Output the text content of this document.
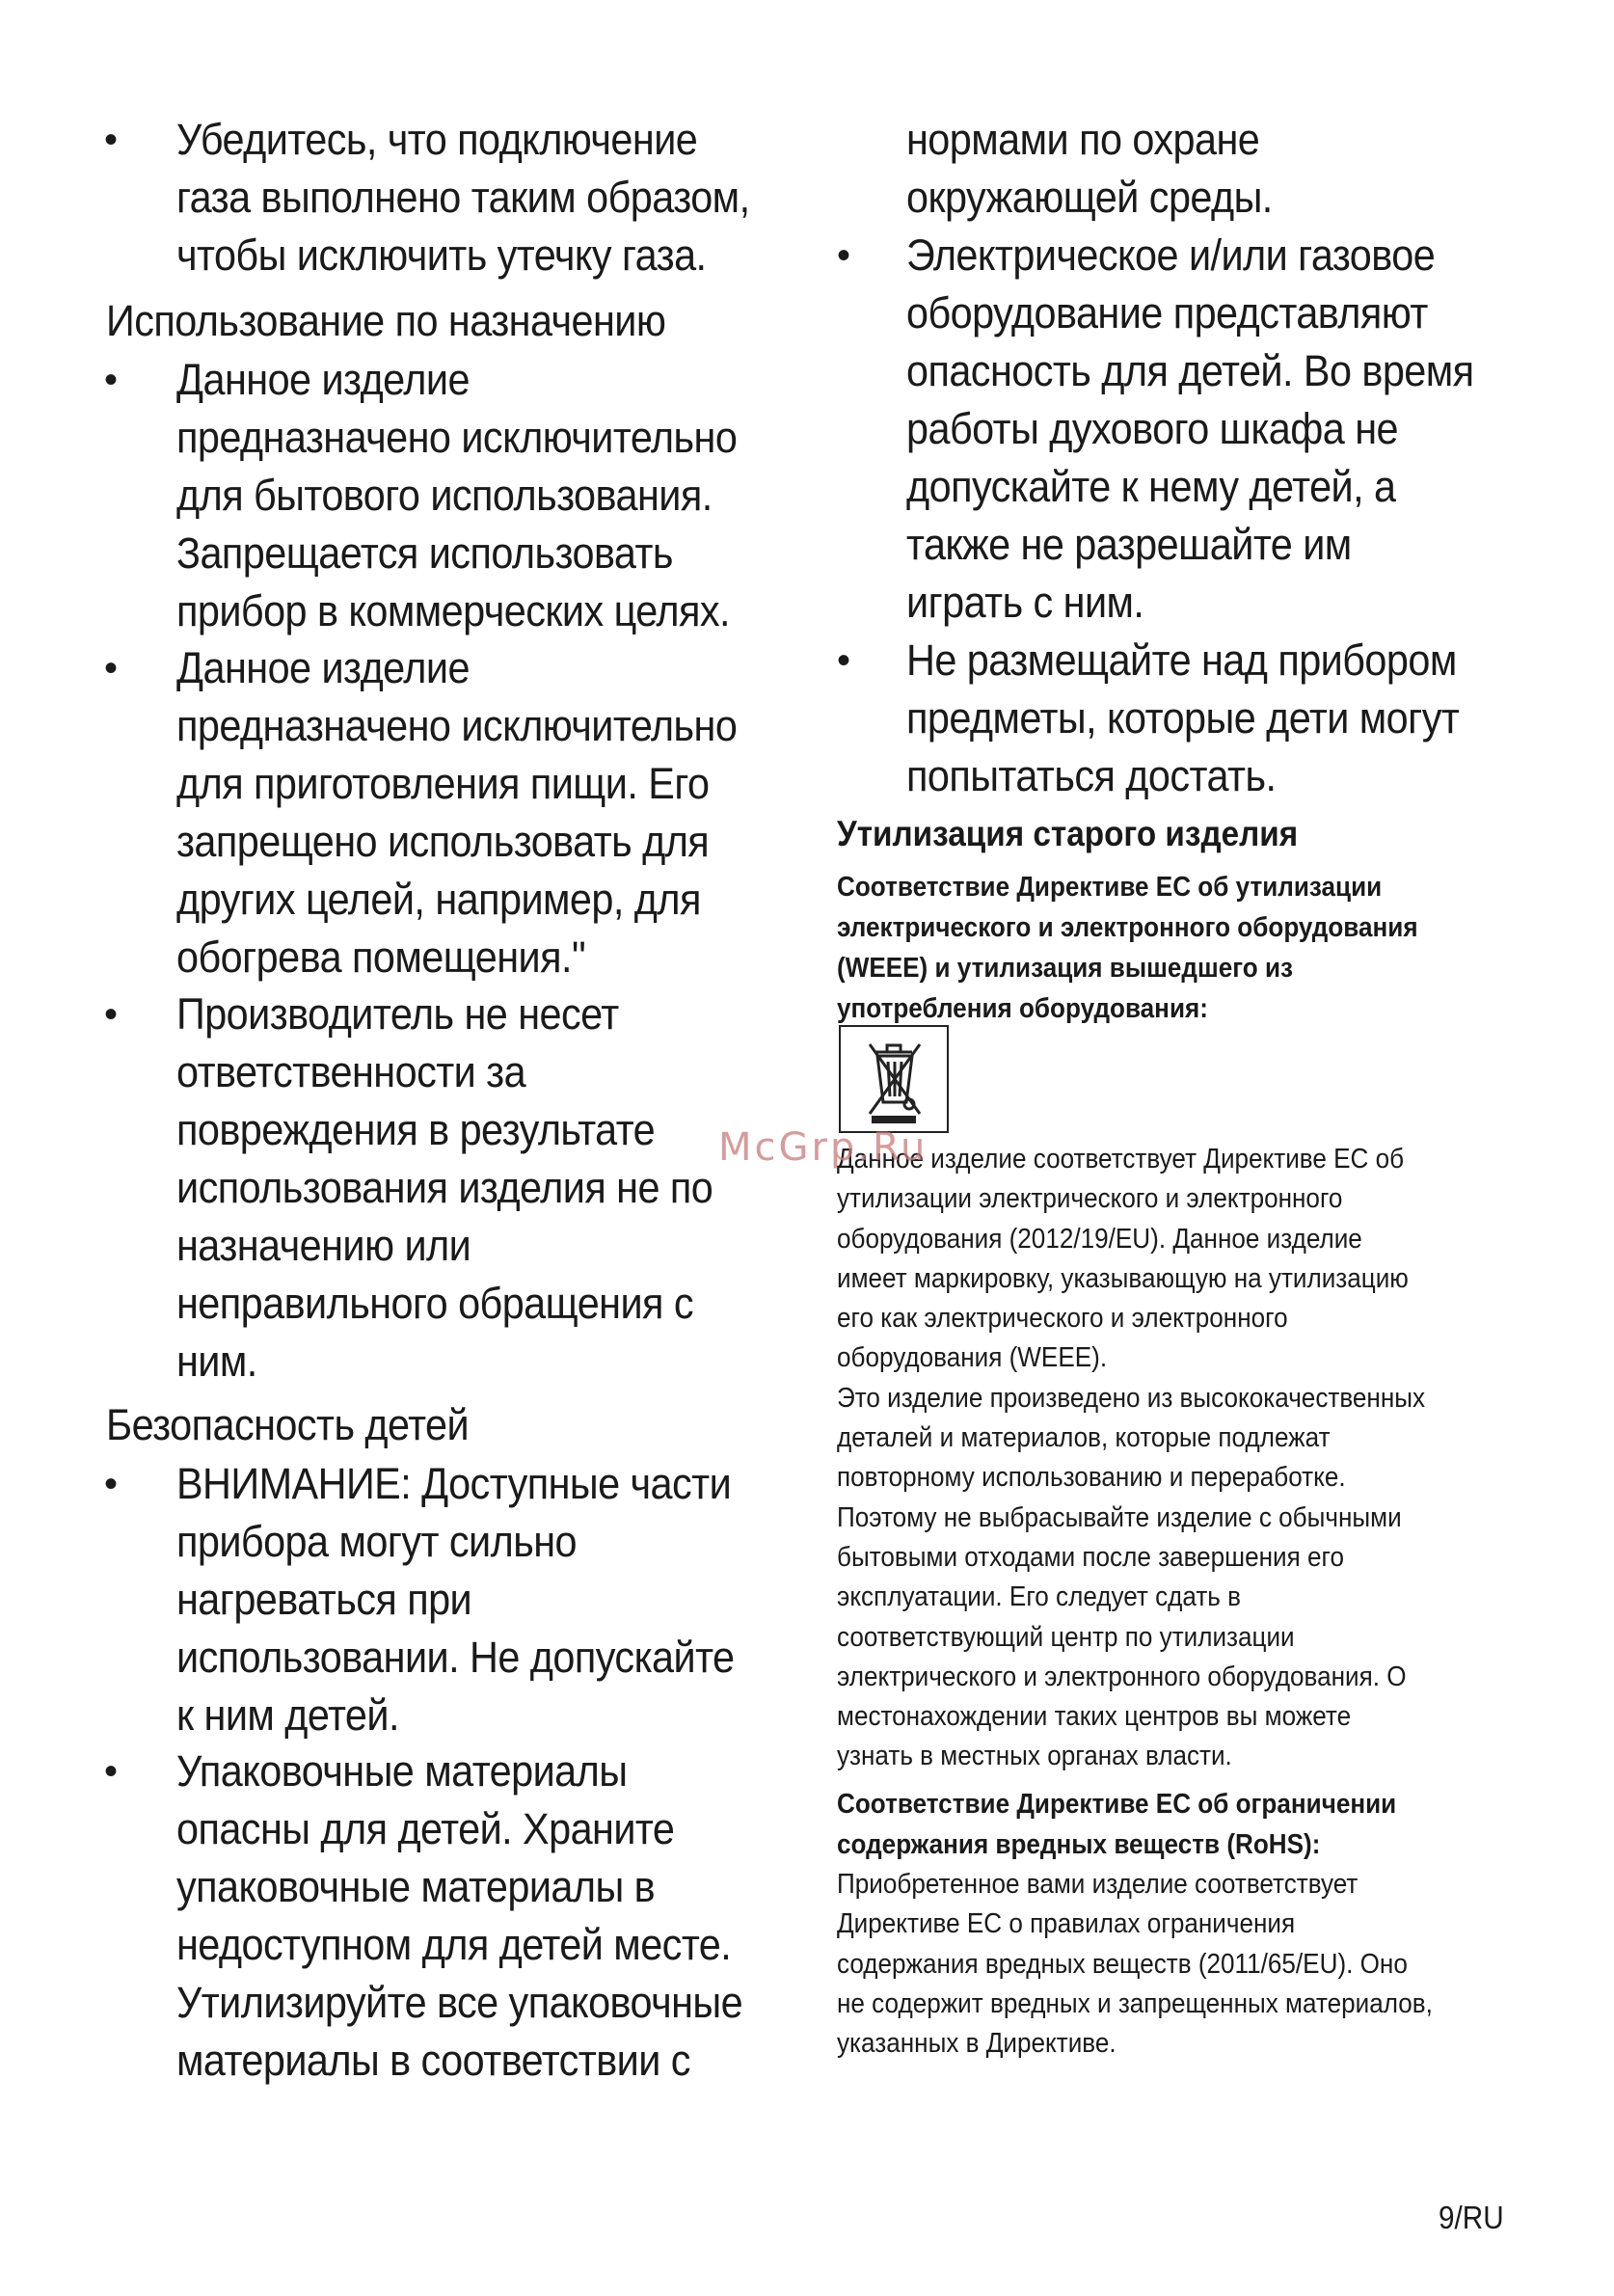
• Убедитесь, что подключение
газа выполнено таким образом,
чтобы исключить утечку газа.
Использование по назначению
• Данное изделие
предназначено исключительно
для бытового использования.
Запрещается использовать
прибор в коммерческих целях.
• Данное изделие
предназначено исключительно
для приготовления пищи. Его
запрещено использовать для
других целей, например, для
обогрева помещения."
• Производитель не несет
ответственности за
повреждения в результате
использования изделия не по
назначению или
неправильного обращения с
ним.
Безопасность детей
• ВНИМАНИЕ: Доступные части
прибора могут сильно
нагреваться при
использовании. Не допускайте
к ним детей.
• Упаковочные материалы
опасны для детей. Храните
упаковочные материалы в
недоступном для детей месте.
Утилизируйте все упаковочные
материалы в соответствии с
нормами по охране
окружающей среды.
• Электрическое и/или газовое
оборудование представляют
опасность для детей. Во время
работы духового шкафа не
допускайте к нему детей, а
также не разрешайте им
играть с ним.
• Не размещайте над прибором
предметы, которые дети могут
попытаться достать.
Утилизация старого изделия
Соответствие Директиве ЕС об утилизации
электрического и электронного оборудования
(WEEE) и утилизация вышедшего из
употребления оборудования:
Данное изделие соответствует Директиве ЕС об
утилизации электрического и электронного
оборудования (2012/19/EU). Данное изделие
имеет маркировку, указывающую на утилизацию
его как электрического и электронного
оборудования (WEEE).
Это изделие произведено из высококачественных
деталей и материалов, которые подлежат
повторному использованию и переработке.
Поэтому не выбрасывайте изделие с обычными
бытовыми отходами после завершения его
эксплуатации. Его следует сдать в
соответствующий центр по утилизации
электрического и электронного оборудования. О
местонахождении таких центров вы можете
узнать в местных органах власти.
Соответствие Директиве ЕС об ограничении
содержания вредных веществ (RoHS):
Приобретенное вами изделие соответствует
Директиве ЕС о правилах ограничения
содержания вредных веществ (2011/65/EU). Оно
не содержит вредных и запрещенных материалов,
указанных в Директиве.
McGrp.Ru
9/RU
